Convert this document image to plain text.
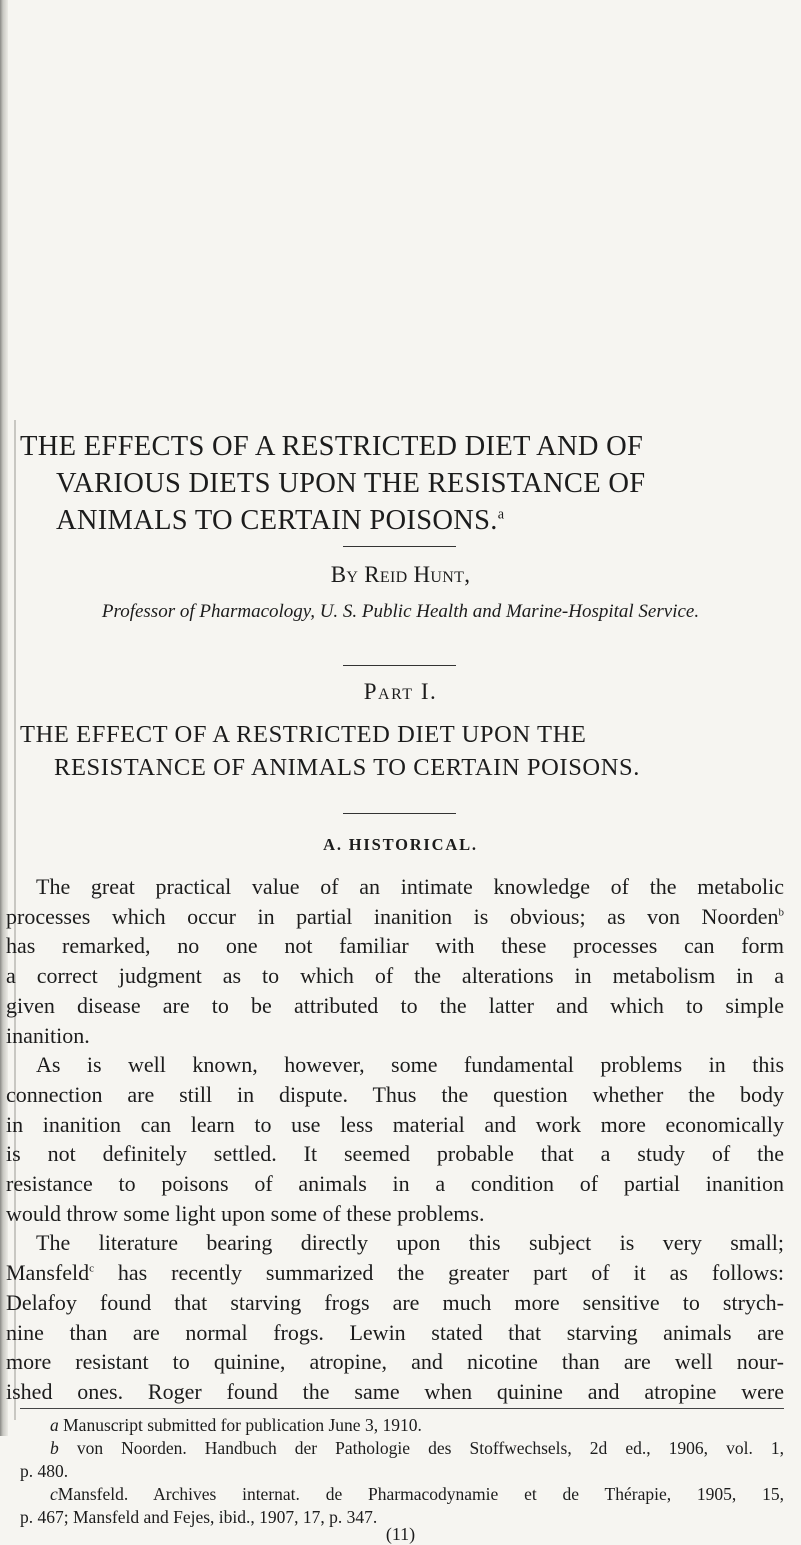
THE EFFECTS OF A RESTRICTED DIET AND OF
VARIOUS DIETS UPON THE RESISTANCE OF
ANIMALS TO CERTAIN POISONS.$^a$
By Reid Hunt,
Professor of Pharmacology, U. S. Public Health and Marine-Hospital Service.
Part I.
THE EFFECT OF A RESTRICTED DIET UPON THE
RESISTANCE OF ANIMALS TO CERTAIN POISONS.
A. HISTORICAL.
The great practical value of an intimate knowledge of the metabolic
processes which occur in partial inanition is obvious; as von Noorden$^b$
has remarked, no one not familiar with these processes can form
a correct judgment as to which of the alterations in metabolism in a
given disease are to be attributed to the latter and which to simple
inanition.
As is well known, however, some fundamental problems in this
connection are still in dispute. Thus the question whether the body
in inanition can learn to use less material and work more economically
is not definitely settled. It seemed probable that a study of the
resistance to poisons of animals in a condition of partial inanition
would throw some light upon some of these problems.
The literature bearing directly upon this subject is very small;
Mansfeld$^c$ has recently summarized the greater part of it as follows:
Delafoy found that starving frogs are much more sensitive to strych-
nine than are normal frogs. Lewin stated that starving animals are
more resistant to quinine, atropine, and nicotine than are well nour-
ished ones. Roger found the same when quinine and atropine were
a Manuscript submitted for publication June 3, 1910.
b von Noorden. Handbuch der Pathologie des Stoffwechsels, 2d ed., 1906, vol. 1,
p. 480.
cMansfeld. Archives internat. de Pharmacodynamie et de Thérapie, 1905, 15,
p. 467; Mansfeld and Fejes, ibid., 1907, 17, p. 347.
(11)
